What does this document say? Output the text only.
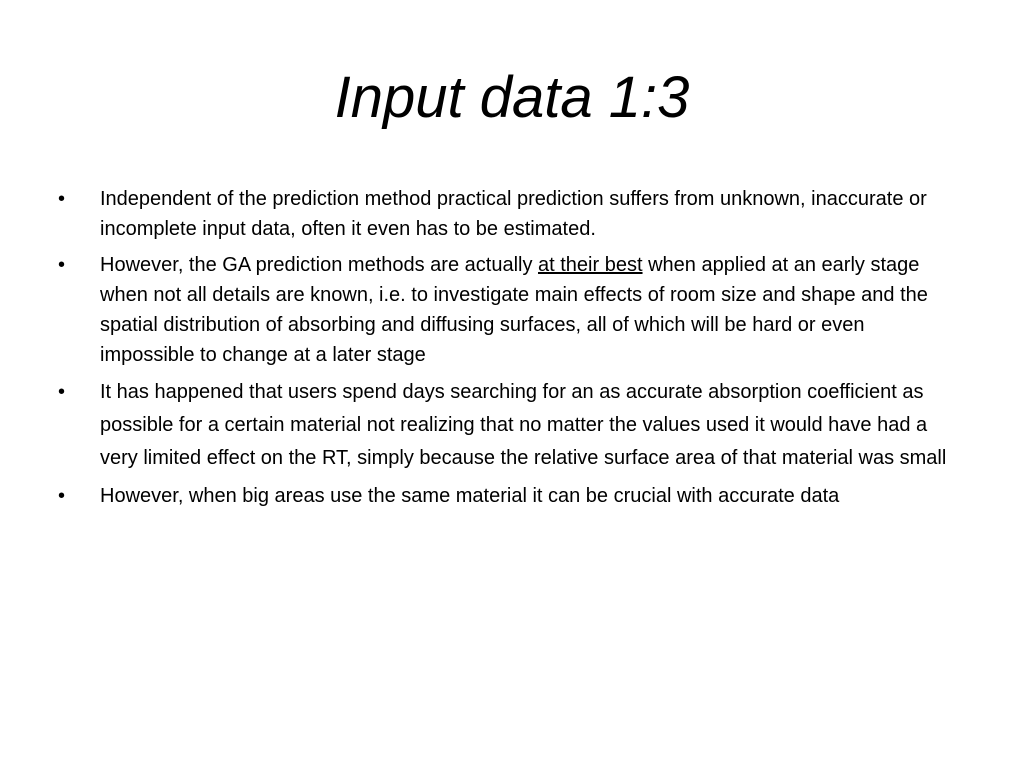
Input data 1:3
•	Independent of the prediction method practical prediction suffers from unknown, inaccurate or incomplete input data, often it even has to be estimated.
•	However, the GA prediction methods are actually at their best when applied at an early stage when not all details are known, i.e. to investigate main effects of room size and shape and the spatial distribution of absorbing and diffusing surfaces, all of which will be hard or even impossible to change at a later stage
•	It has happened that users spend days searching for an as accurate absorption coefficient as possible for a certain material not realizing that no matter the values used it would have had a very limited effect on the RT, simply because the relative surface area of that material was small
•	However, when big areas use the same material it can be crucial with accurate data
